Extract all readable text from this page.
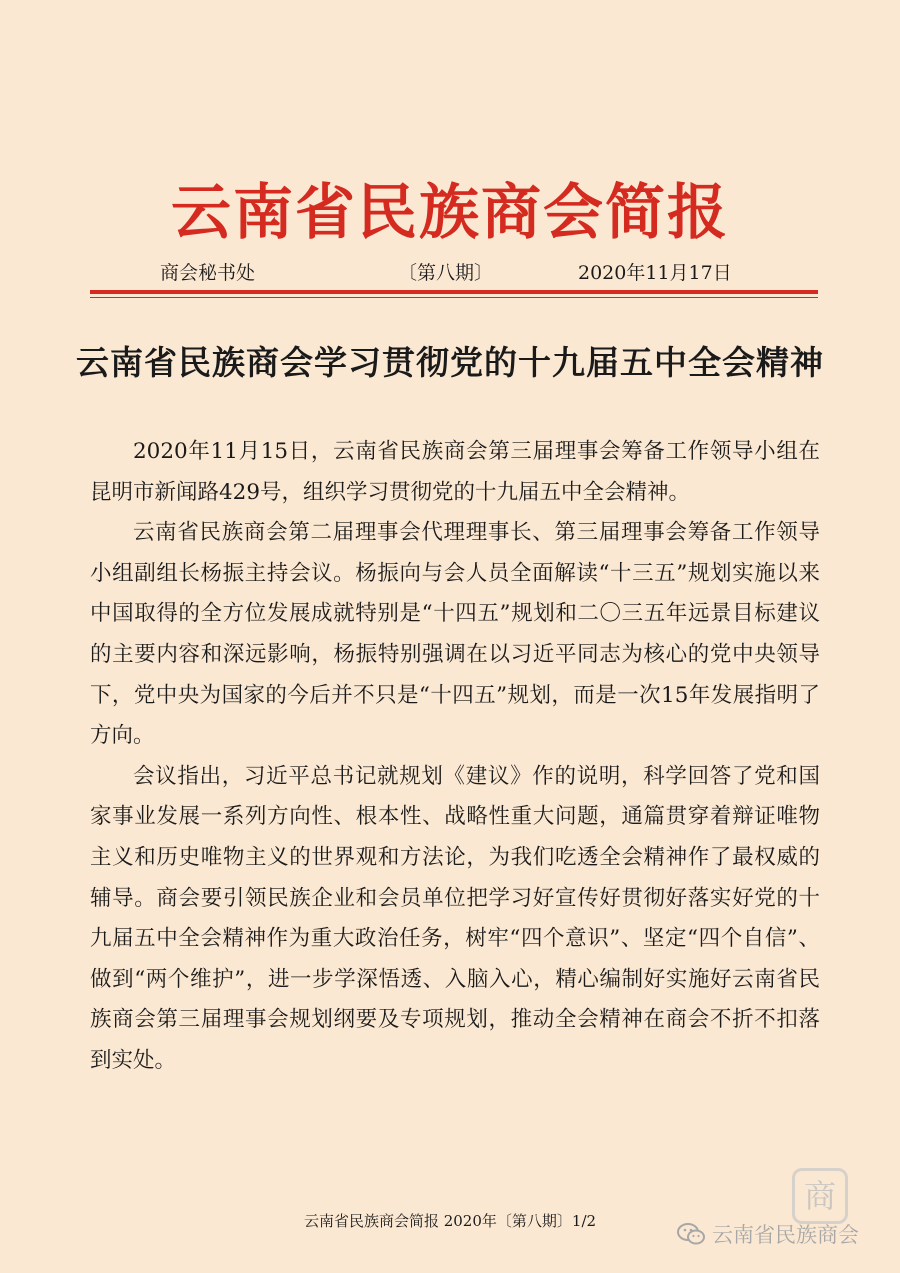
云南省民族商会简报
商会秘书处	〔第八期〕	2020年11月17日
云南省民族商会学习贯彻党的十九届五中全会精神

2020年11月15日，云南省民族商会第三届理事会筹备工作领导小组在昆明市新闻路429号，组织学习贯彻党的十九届五中全会精神。

云南省民族商会第二届理事会代理理事长、第三届理事会筹备工作领导小组副组长杨振主持会议。杨振向与会人员全面解读“十三五”规划实施以来中国取得的全方位发展成就特别是“十四五”规划和二〇三五年远景目标建议的主要内容和深远影响，杨振特别强调在以习近平同志为核心的党中央领导下，党中央为国家的今后并不只是“十四五”规划，而是一次15年发展指明了方向。

会议指出，习近平总书记就规划《建议》作的说明，科学回答了党和国家事业发展一系列方向性、根本性、战略性重大问题，通篇贯穿着辩证唯物主义和历史唯物主义的世界观和方法论，为我们吃透全会精神作了最权威的辅导。商会要引领民族企业和会员单位把学习好宣传好贯彻好落实好党的十九届五中全会精神作为重大政治任务，树牢“四个意识”、坚定“四个自信”、做到“两个维护”，进一步学深悟透、入脑入心，精心编制好实施好云南省民族商会第三届理事会规划纲要及专项规划，推动全会精神在商会不折不扣落到实处。

云南省民族商会简报 2020年〔第八期〕1/2
商
云南省民族商会
